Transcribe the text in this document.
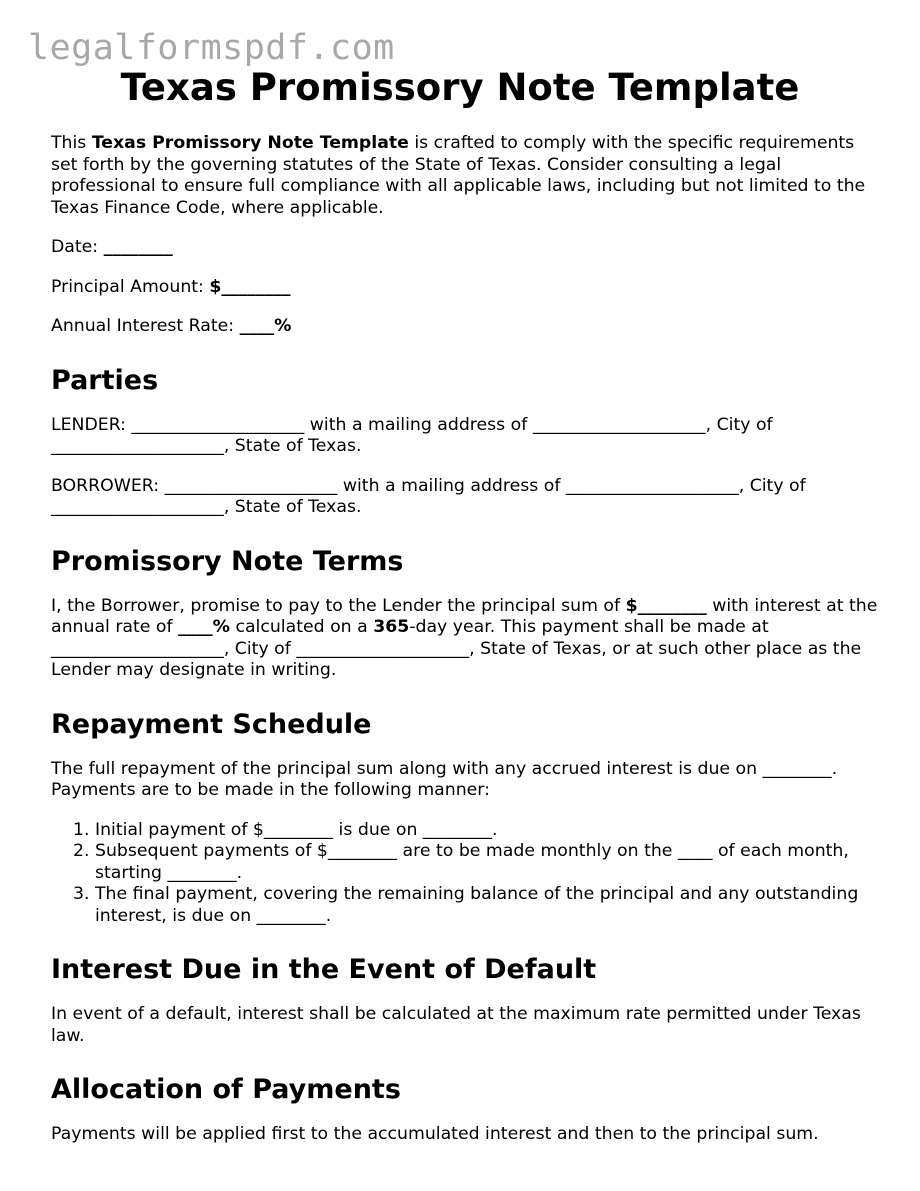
legalformspdf.com
Texas Promissory Note Template

This Texas Promissory Note Template is crafted to comply with the specific requirements set forth by the governing statutes of the State of Texas. Consider consulting a legal professional to ensure full compliance with all applicable laws, including but not limited to the Texas Finance Code, where applicable.

Date: ________

Principal Amount: $________

Annual Interest Rate: ____%

Parties

LENDER: ____________________ with a mailing address of ____________________, City of ____________________, State of Texas.

BORROWER: ____________________ with a mailing address of ____________________, City of ____________________, State of Texas.

Promissory Note Terms

I, the Borrower, promise to pay to the Lender the principal sum of $________ with interest at the annual rate of ____% calculated on a 365-day year. This payment shall be made at ____________________, City of ____________________, State of Texas, or at such other place as the Lender may designate in writing.

Repayment Schedule

The full repayment of the principal sum along with any accrued interest is due on ________. Payments are to be made in the following manner:

1. Initial payment of $________ is due on ________.
2. Subsequent payments of $________ are to be made monthly on the ____ of each month, starting ________.
3. The final payment, covering the remaining balance of the principal and any outstanding interest, is due on ________.
Interest Due in the Event of Default

In event of a default, interest shall be calculated at the maximum rate permitted under Texas law.

Allocation of Payments

Payments will be applied first to the accumulated interest and then to the principal sum.
